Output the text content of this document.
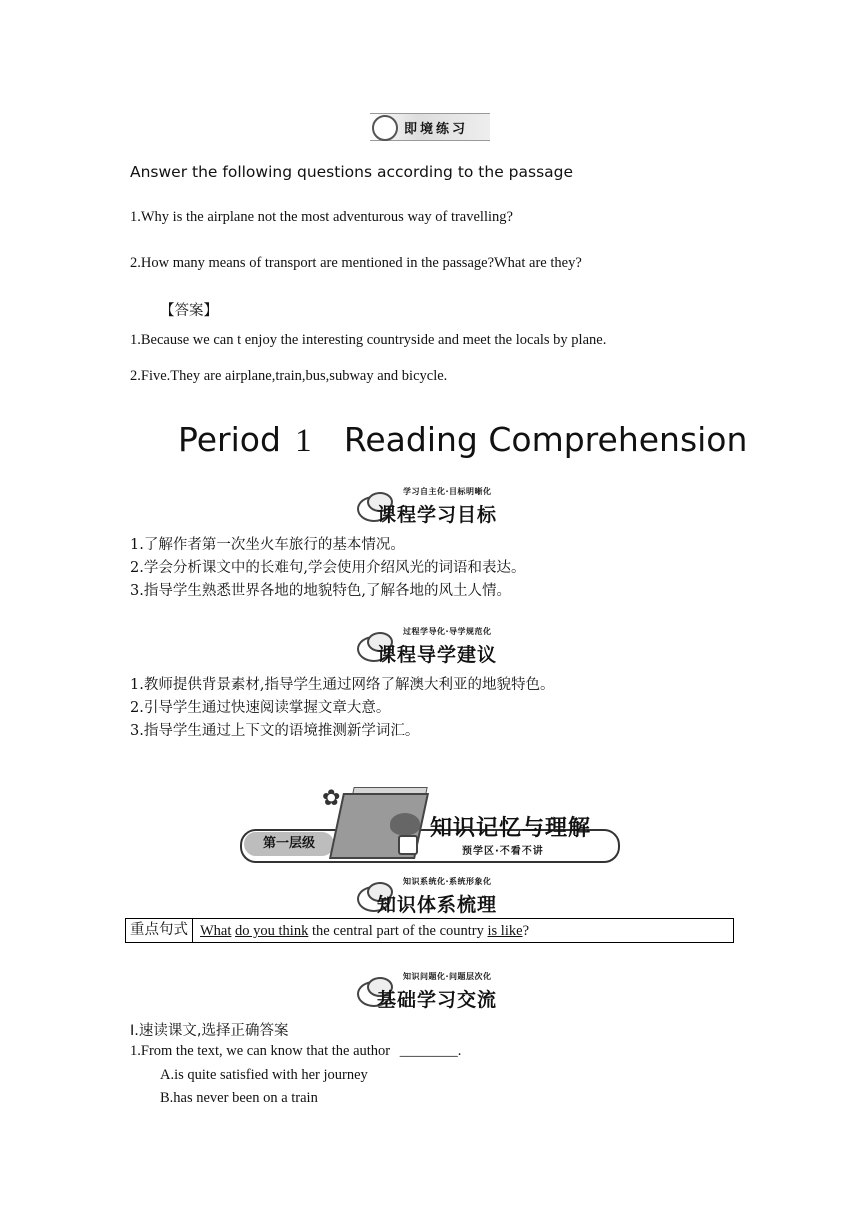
即境练习
Answer the following questions according to the passage
1.Why is the airplane not the most adventurous way of travelling?
2.How many means of transport are mentioned in the passage?What are they?
【答案】
1.Because we can t enjoy the interesting countryside and meet the locals by plane.
2.Five.They are airplane,train,bus,subway and bicycle.
Period 1 Reading Comprehension
学习自主化·目标明晰化
课程学习目标
1.了解作者第一次坐火车旅行的基本情况。
2.学会分析课文中的长难句,学会使用介绍风光的词语和表达。
3.指导学生熟悉世界各地的地貌特色,了解各地的风土人情。
过程学导化·导学规范化
课程导学建议
1.教师提供背景素材,指导学生通过网络了解澳大利亚的地貌特色。
2.引导学生通过快速阅读掌握文章大意。
3.指导学生通过上下文的语境推测新学词汇。
第一层级
✿
知识记忆与理解
预学区·不看不讲
知识系统化·系统形象化
知识体系梳理
重点句式 What do you think the central part of the country is like?
知识问题化·问题层次化
基础学习交流
Ⅰ.速读课文,选择正确答案
1.From the text, we can know that the author ________.
A.is quite satisfied with her journey
B.has never been on a train
